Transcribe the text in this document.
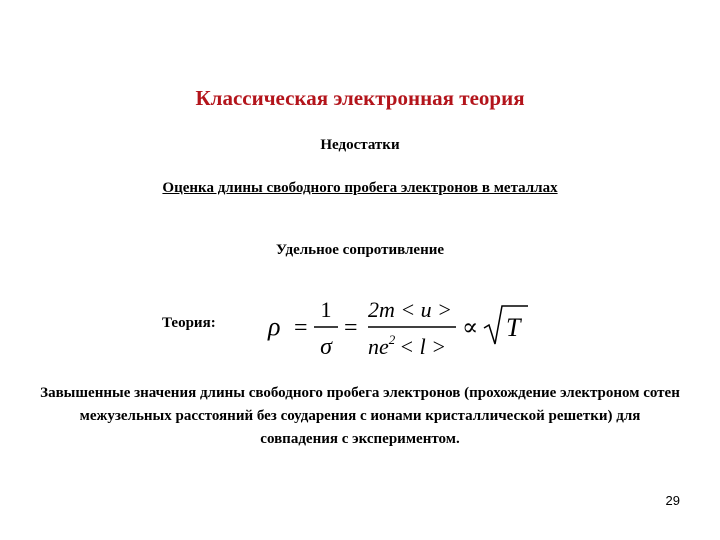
Классическая электронная теория
Недостатки
Оценка длины свободного пробега электронов в металлах
Удельное сопротивление
Теория: ρ =
1
σ
=
2m < u >
$ne^2 < l$ >
∝ T
Завышенные значения длины свободного пробега электронов (прохождение электроном сотен межузельных расстояний без соударения с ионами кристаллической решетки) для совпадения с экспериментом.
29
